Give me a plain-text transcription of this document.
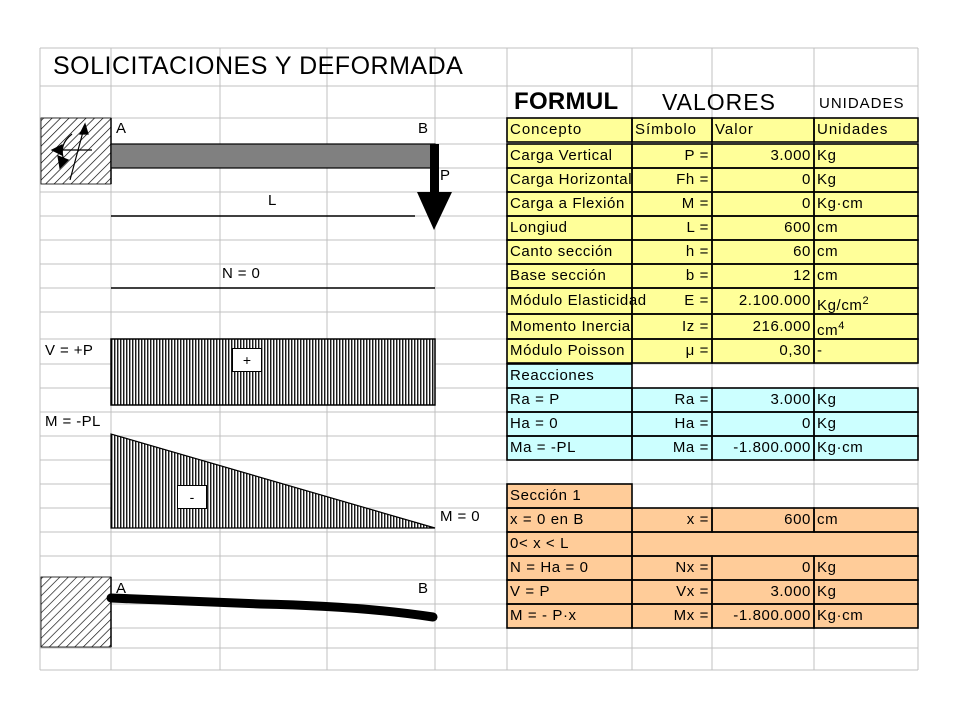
SOLICITACIONES Y DEFORMADA
FORMUL VALORES	UNIDADES
A	B
P
L
N = 0
V = +P
M = -PL
+
-
M = 0
A	B
Concepto	Símbolo	Valor	Unidades
Carga Vertical	P =	3.000 Kg
Carga Horizontal	Fh =	0 Kg
Carga a Flexión	M =	0 Kg·cm
Longiud	L =	600 cm
Canto sección	h =	60 cm
Base sección	b =	12 cm
Módulo Elasticidad	E =	2.100.000 $Kg/cm^2$
Momento Inercia	Iz =	216.000 $cm^4$
Módulo Poisson	μ =	0,30 -
Reacciones
Ra = P	Ra =	3.000 Kg
Ha = 0	Ha =	0 Kg
Ma = -PL	Ma =	-1.800.000 Kg·cm
Sección 1
x = 0 en B	x =	600 cm
0< x < L
N = Ha = 0	Nx =	0 Kg
V = P	Vx =	3.000 Kg
M = - P·x	Mx =	-1.800.000 Kg·cm
